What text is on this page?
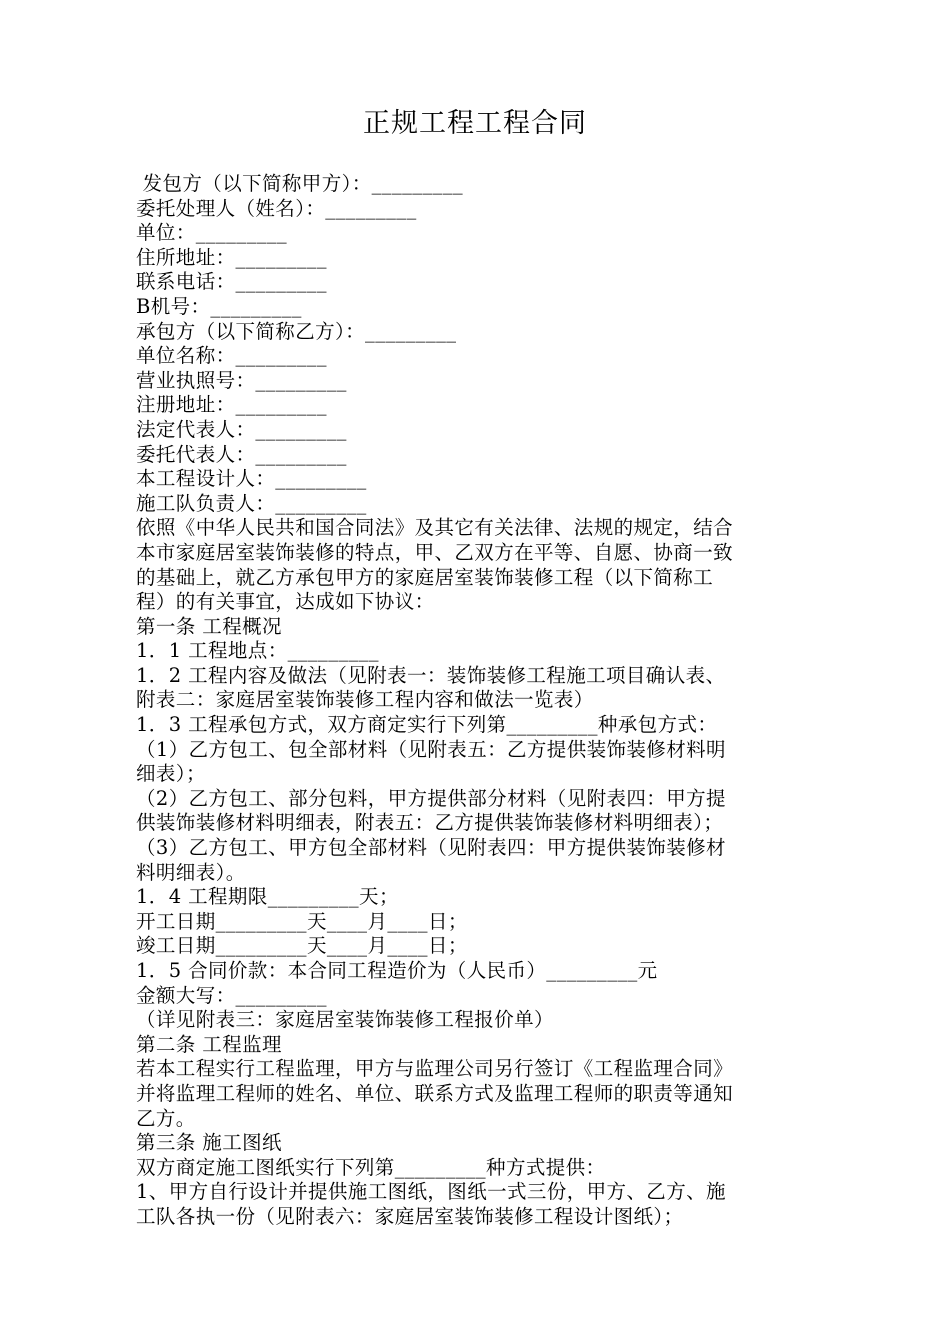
正规工程工程合同
发包方（以下简称甲方）：_________
委托处理人（姓名）：_________
单位：_________
住所地址：_________
联系电话：_________
B机号：_________
承包方（以下简称乙方）：_________
单位名称：_________
营业执照号：_________
注册地址：_________
法定代表人：_________
委托代表人：_________
本工程设计人：_________
施工队负责人：_________
依照《中华人民共和国合同法》及其它有关法律、法规的规定，结合
本市家庭居室装饰装修的特点，甲、乙双方在平等、自愿、协商一致
的基础上，就乙方承包甲方的家庭居室装饰装修工程（以下简称工
程）的有关事宜，达成如下协议：
第一条 工程概况
1．1 工程地点：_________
1．2 工程内容及做法（见附表一：装饰装修工程施工项目确认表、
附表二：家庭居室装饰装修工程内容和做法一览表）
1．3 工程承包方式，双方商定实行下列第_________种承包方式：
（1）乙方包工、包全部材料（见附表五：乙方提供装饰装修材料明
细表）；
（2）乙方包工、部分包料，甲方提供部分材料（见附表四：甲方提
供装饰装修材料明细表，附表五：乙方提供装饰装修材料明细表）；
（3）乙方包工、甲方包全部材料（见附表四：甲方提供装饰装修材
料明细表）。
1．4 工程期限_________天；
开工日期_________天____月____日；
竣工日期_________天____月____日；
1．5 合同价款：本合同工程造价为（人民币）_________元
金额大写：_________
（详见附表三：家庭居室装饰装修工程报价单）
第二条 工程监理
若本工程实行工程监理，甲方与监理公司另行签订《工程监理合同》
并将监理工程师的姓名、单位、联系方式及监理工程师的职责等通知
乙方。
第三条 施工图纸
双方商定施工图纸实行下列第_________种方式提供：
1、甲方自行设计并提供施工图纸，图纸一式三份，甲方、乙方、施
工队各执一份（见附表六：家庭居室装饰装修工程设计图纸）；
